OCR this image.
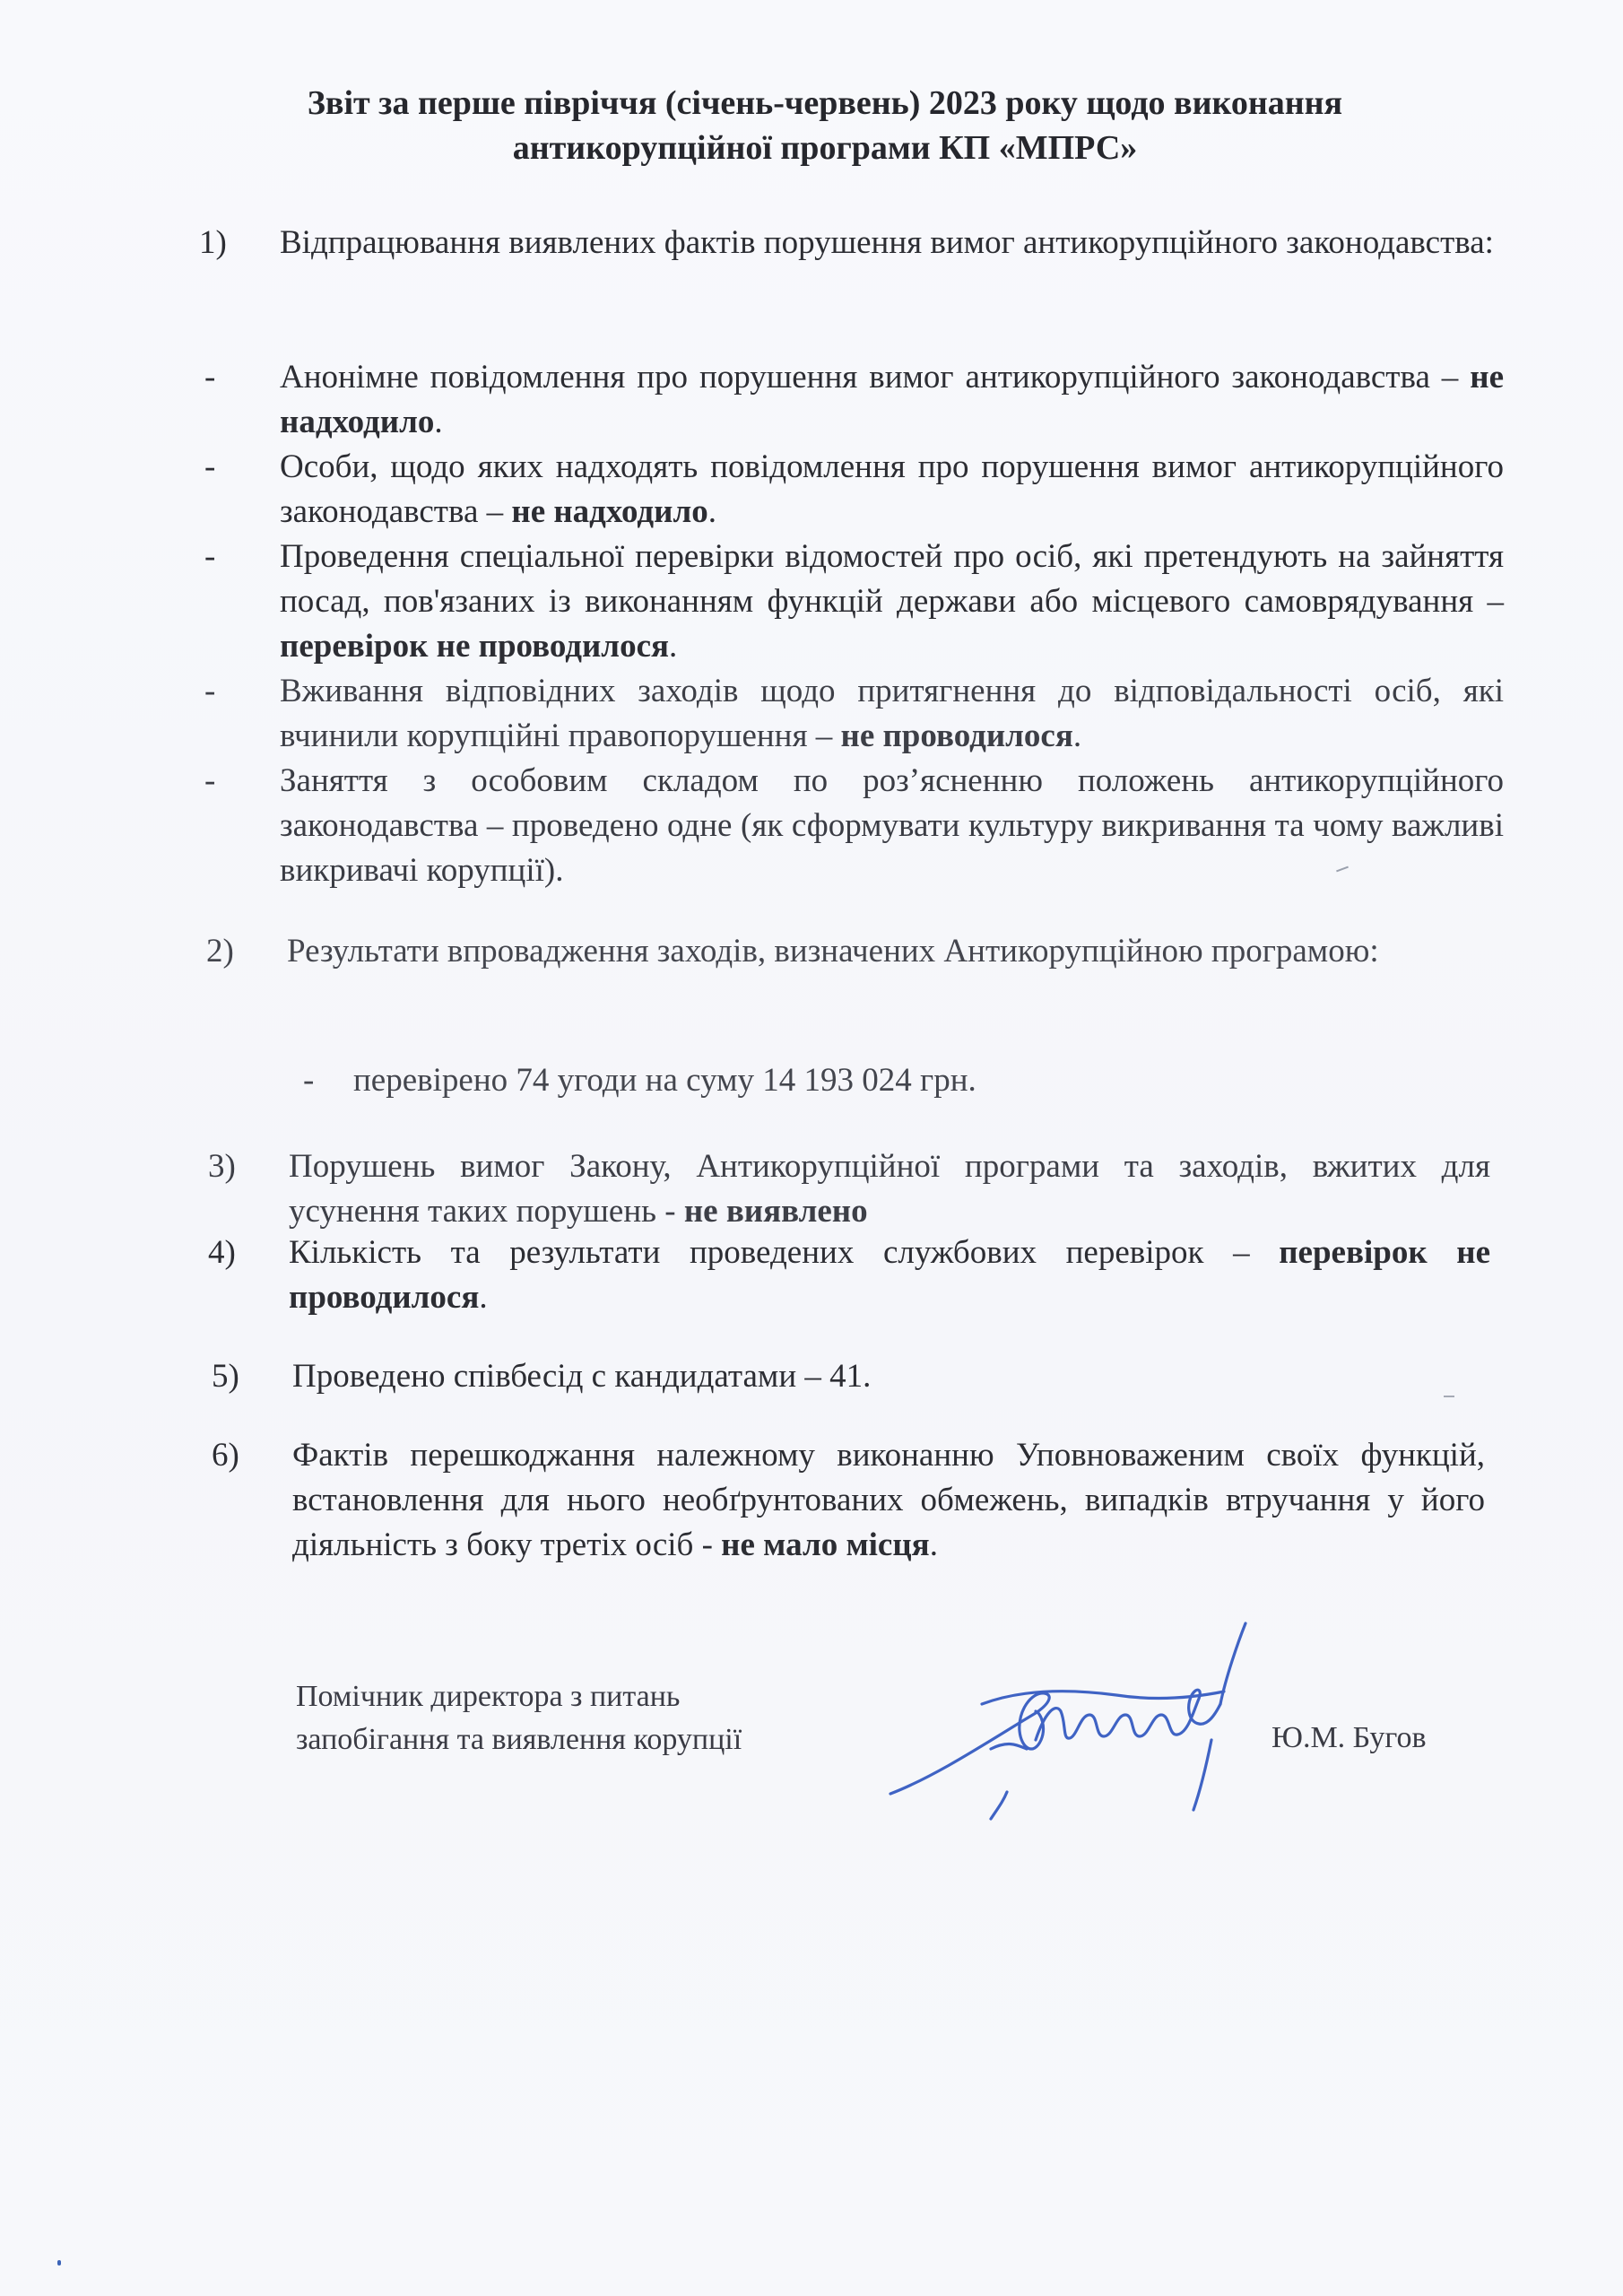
Звіт за перше півріччя (січень-червень) 2023 року щодо виконання
антикорупційної програми КП «МПРС»
1)	Відпрацювання виявлених фактів порушення вимог антикорупційного законодавства:
-	Анонімне повідомлення про порушення вимог антикорупційного законодавства – не надходило.
-	Особи, щодо яких надходять повідомлення про порушення вимог антикорупційного законодавства – не надходило.
-	Проведення спеціальної перевірки відомостей про осіб, які претендують на зайняття посад, пов'язаних із виконанням функцій держави або місцевого самоврядування – перевірок не проводилося.
-	Вживання відповідних заходів щодо притягнення до відповідальності осіб, які вчинили корупційні правопорушення – не проводилося.
-	Заняття з особовим складом по роз’ясненню положень антикорупційного законодавства – проведено одне (як сформувати культуру викривання та чому важливі викривачі корупції).
2)	Результати впровадження заходів, визначених Антикорупційною програмою:
-	перевірено 74 угоди на суму 14 193 024 грн.
3)	Порушень вимог Закону, Антикорупційної програми та заходів, вжитих для усунення таких порушень - не виявлено
4)	Кількість та результати проведених службових перевірок – перевірок не проводилося.
5)	Проведено співбесід с кандидатами – 41.
6)	Фактів перешкоджання належному виконанню Уповноваженим своїх функцій, встановлення для нього необґрунтованих обмежень, випадків втручання у його діяльність з боку третіх осіб - не мало місця.
Помічник директора з питань
запобігання та виявлення корупції	Ю.М. Бугов
